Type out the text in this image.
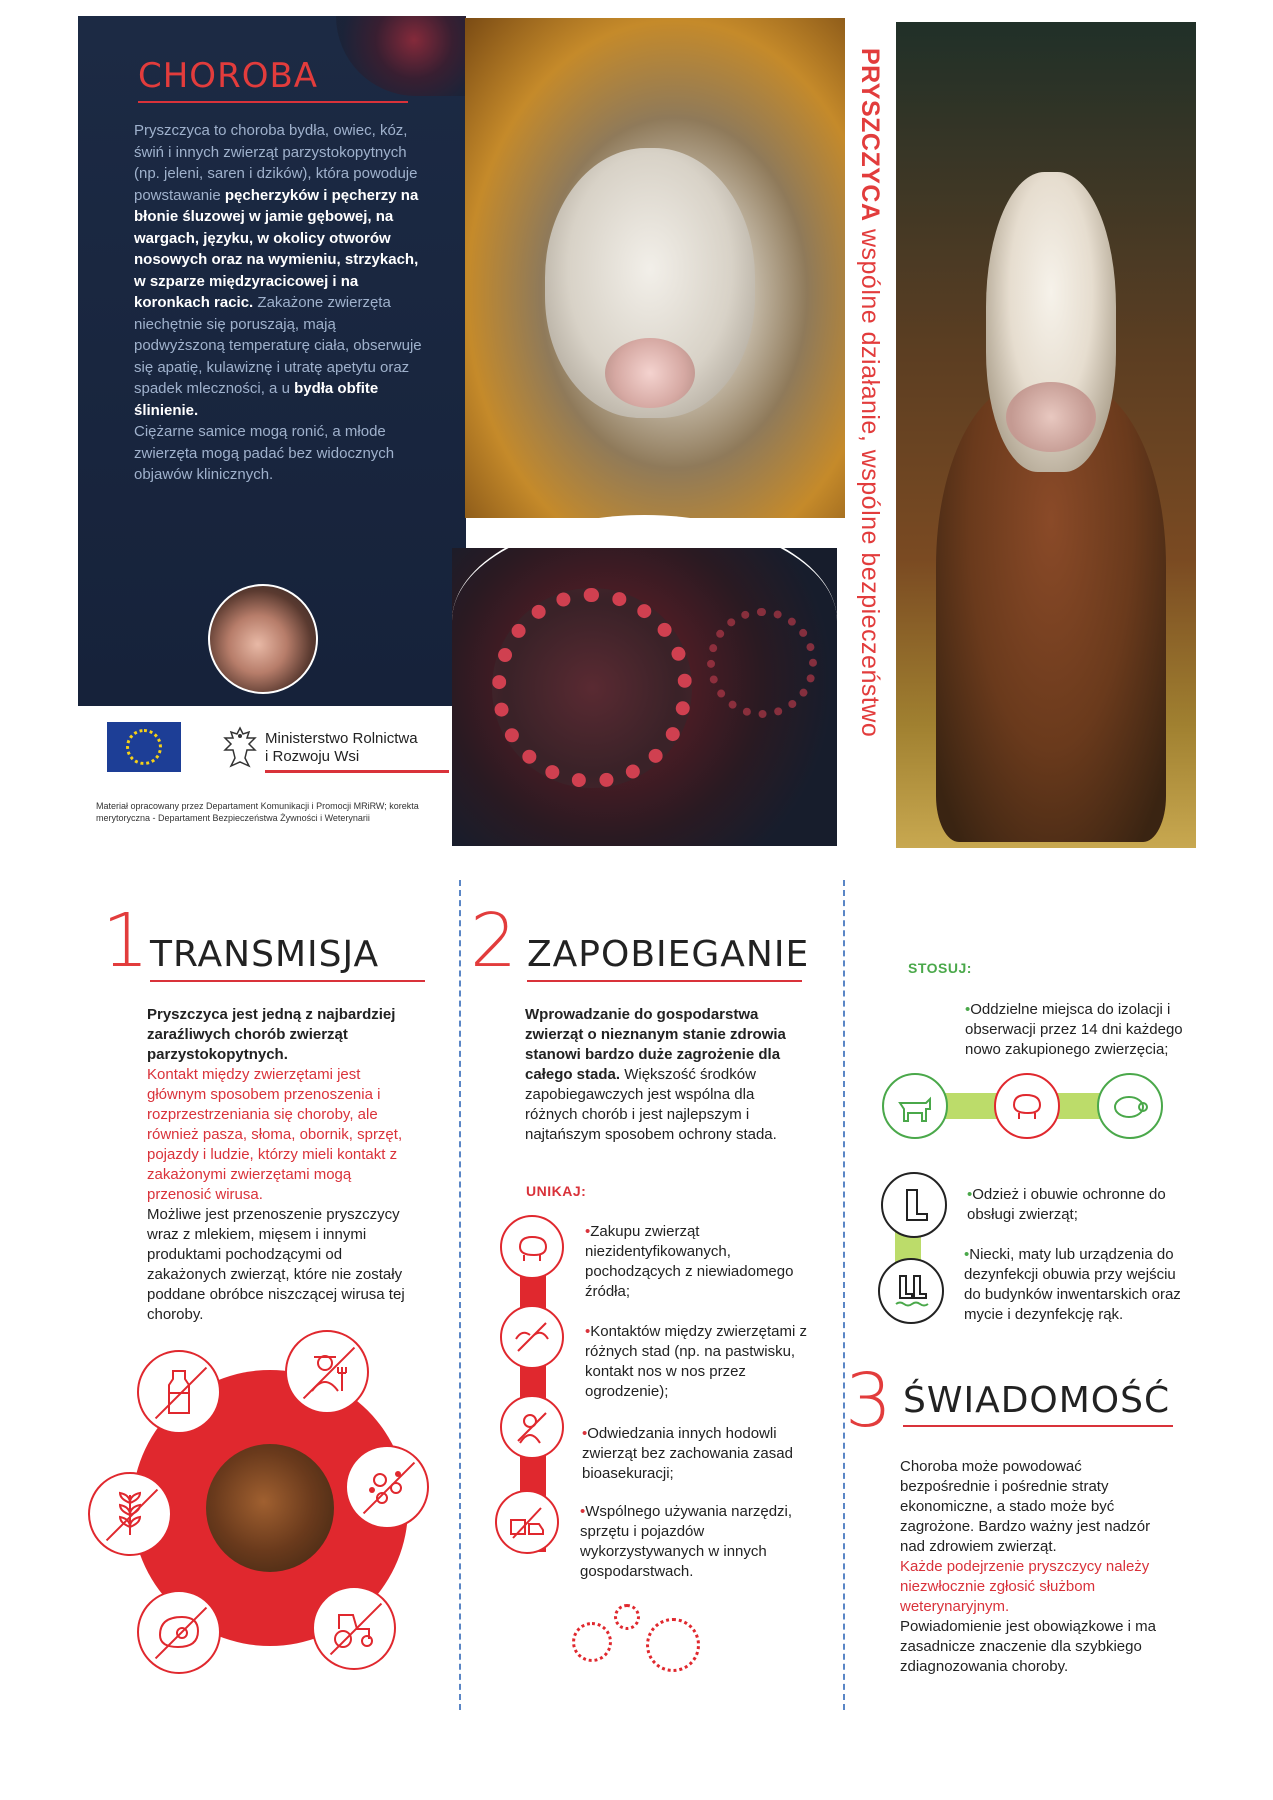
CHOROBA
Pryszczyca to choroba bydła, owiec, kóz, świń i innych zwierząt parzystokopytnych (np. jeleni, saren i dzików), która powoduje powstawanie pęcherzyków i pęcherzy na błonie śluzowej w jamie gębowej, na wargach, języku, w okolicy otworów nosowych oraz na wymieniu, strzykach, w szparze międzyracicowej i na koronkach racic. Zakażone zwierzęta niechętnie się poruszają, mają podwyższoną temperaturę ciała, obserwuje się apatię, kulawiznę i utratę apetytu oraz spadek mleczności, a u bydła obfite ślinienie.
Ciężarne samice mogą ronić, a młode zwierzęta mogą padać bez widocznych objawów klinicznych.
Ministerstwo Rolnictwa
i Rozwoju Wsi
Materiał opracowany przez Departament Komunikacji i Promocji MRiRW; korekta merytoryczna - Departament Bezpieczeństwa Żywności i Weterynarii
PRYSZCZYCA wspólne działanie, wspólne bezpieczeństwo
1 TRANSMISJA
Pryszczyca jest jedną z najbardziej zaraźliwych chorób zwierząt parzystokopytnych.
Kontakt między zwierzętami jest głównym sposobem przenoszenia i rozprzestrzeniania się choroby, ale również pasza, słoma, obornik, sprzęt, pojazdy i ludzie, którzy mieli kontakt z zakażonymi zwierzętami mogą przenosić wirusa.
Możliwe jest przenoszenie pryszczycy wraz z mlekiem, mięsem i innymi produktami pochodzącymi od zakażonych zwierząt, które nie zostały poddane obróbce niszczącej wirusa tej choroby.
2 ZAPOBIEGANIE
Wprowadzanie do gospodarstwa zwierząt o nieznanym stanie zdrowia stanowi bardzo duże zagrożenie dla całego stada. Większość środków zapobiegawczych jest wspólna dla różnych chorób i jest najlepszym i najtańszym sposobem ochrony stada.
UNIKAJ:
•Zakupu zwierząt niezidentyfikowanych, pochodzących z niewiadomego źródła;
•Kontaktów między zwierzętami z różnych stad (np. na pastwisku, kontakt nos w nos przez ogrodzenie);
•Odwiedzania innych hodowli zwierząt bez zachowania zasad bioasekuracji;
•Wspólnego używania narzędzi, sprzętu i pojazdów wykorzystywanych w innych gospodarstwach.
STOSUJ:
•Oddzielne miejsca do izolacji i obserwacji przez 14 dni każdego nowo zakupionego zwierzęcia;
•Odzież i obuwie ochronne do obsługi zwierząt;
•Niecki, maty lub urządzenia do dezynfekcji obuwia przy wejściu do budynków inwentarskich oraz mycie i dezynfekcję rąk.
3 ŚWIADOMOŚĆ
Choroba może powodować bezpośrednie i pośrednie straty ekonomiczne, a stado może być zagrożone. Bardzo ważny jest nadzór nad zdrowiem zwierząt.
Każde podejrzenie pryszczycy należy niezwłocznie zgłosić służbom weterynaryjnym.
Powiadomienie jest obowiązkowe i ma zasadnicze znaczenie dla szybkiego zdiagnozowania choroby.
